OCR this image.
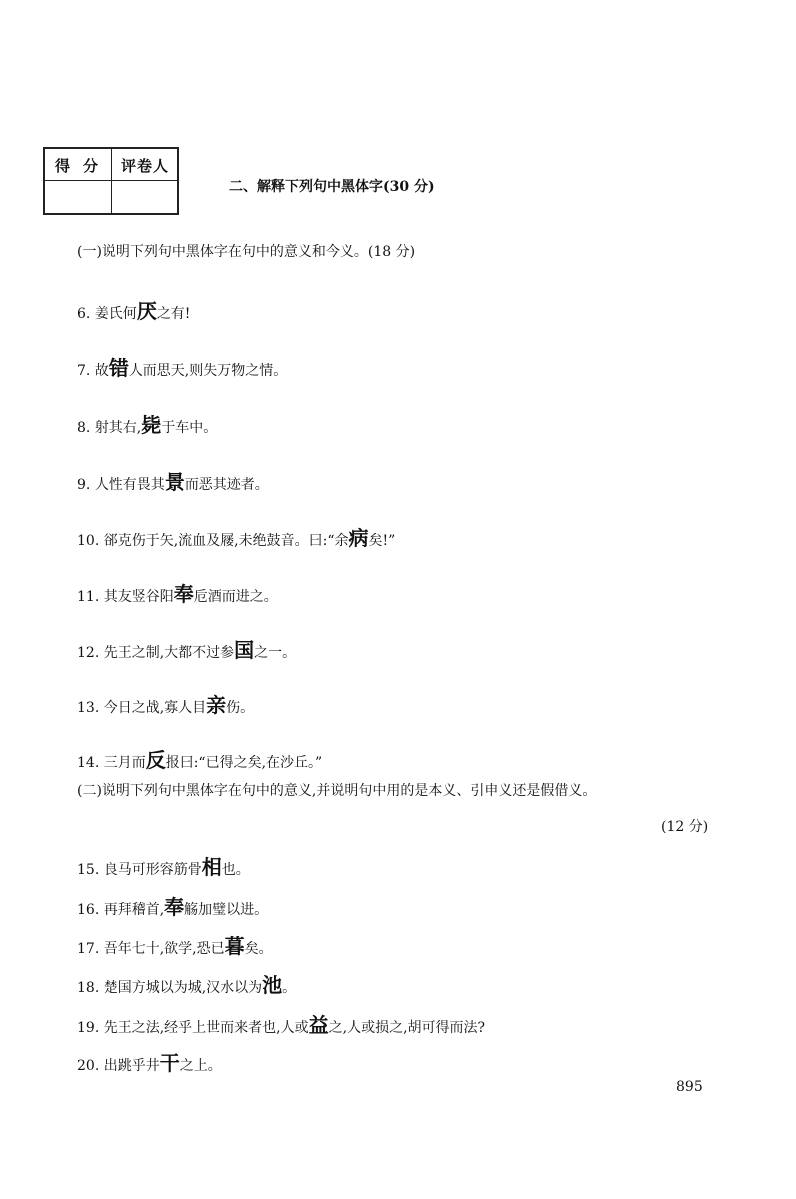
得 分	评卷人
二、解释下列句中黑体字(30 分)
(一)说明下列句中黑体字在句中的意义和今义。(18 分)
6. 姜氏何厌之有!
7. 故错人而思天,则失万物之情。
8. 射其右,毙于车中。
9. 人性有畏其景而恶其迹者。
10. 郤克伤于矢,流血及屦,未绝鼓音。曰:“余病矣!”
11. 其友竖谷阳奉卮酒而进之。
12. 先王之制,大都不过参国之一。
13. 今日之战,寡人目亲伤。
14. 三月而反报曰:“已得之矣,在沙丘。”
(二)说明下列句中黑体字在句中的意义,并说明句中用的是本义、引申义还是假借义。
(12 分)
15. 良马可形容筋骨相也。
16. 再拜稽首,奉觞加璧以进。
17. 吾年七十,欲学,恐已暮矣。
18. 楚国方城以为城,汉水以为池。
19. 先王之法,经乎上世而来者也,人或益之,人或损之,胡可得而法?
20. 出跳乎井干之上。
895
